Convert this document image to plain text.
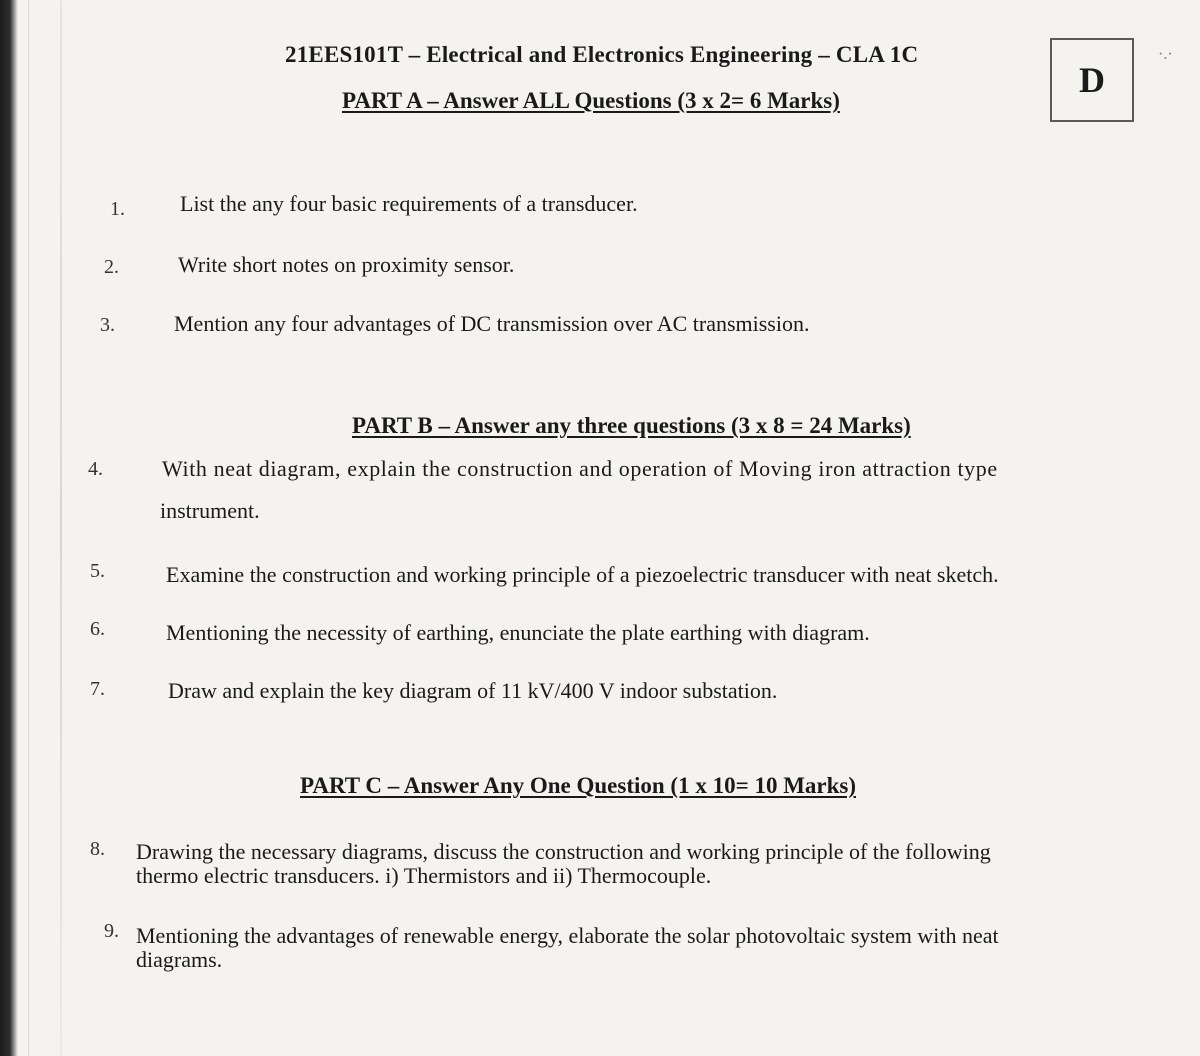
21EES101T – Electrical and Electronics Engineering – CLA 1C
D
·.·
PART A – Answer ALL Questions (3 x 2= 6 Marks)
1.	List the any four basic requirements of a transducer.
2.	Write short notes on proximity sensor.
3.	Mention any four advantages of DC transmission over AC transmission.
PART B – Answer any three questions (3 x 8 = 24 Marks)
4.	With neat diagram, explain the construction and operation of Moving iron attraction type
instrument.
5.	Examine the construction and working principle of a piezoelectric transducer with neat sketch.
6.	Mentioning the necessity of earthing, enunciate the plate earthing with diagram.
7.	Draw and explain the key diagram of 11 kV/400 V indoor substation.
PART C – Answer Any One Question (1 x 10= 10 Marks)
8. Drawing the necessary diagrams, discuss the construction and working principle of the following
thermo electric transducers. i) Thermistors and ii) Thermocouple.
9. Mentioning the advantages of renewable energy, elaborate the solar photovoltaic system with neat
diagrams.
